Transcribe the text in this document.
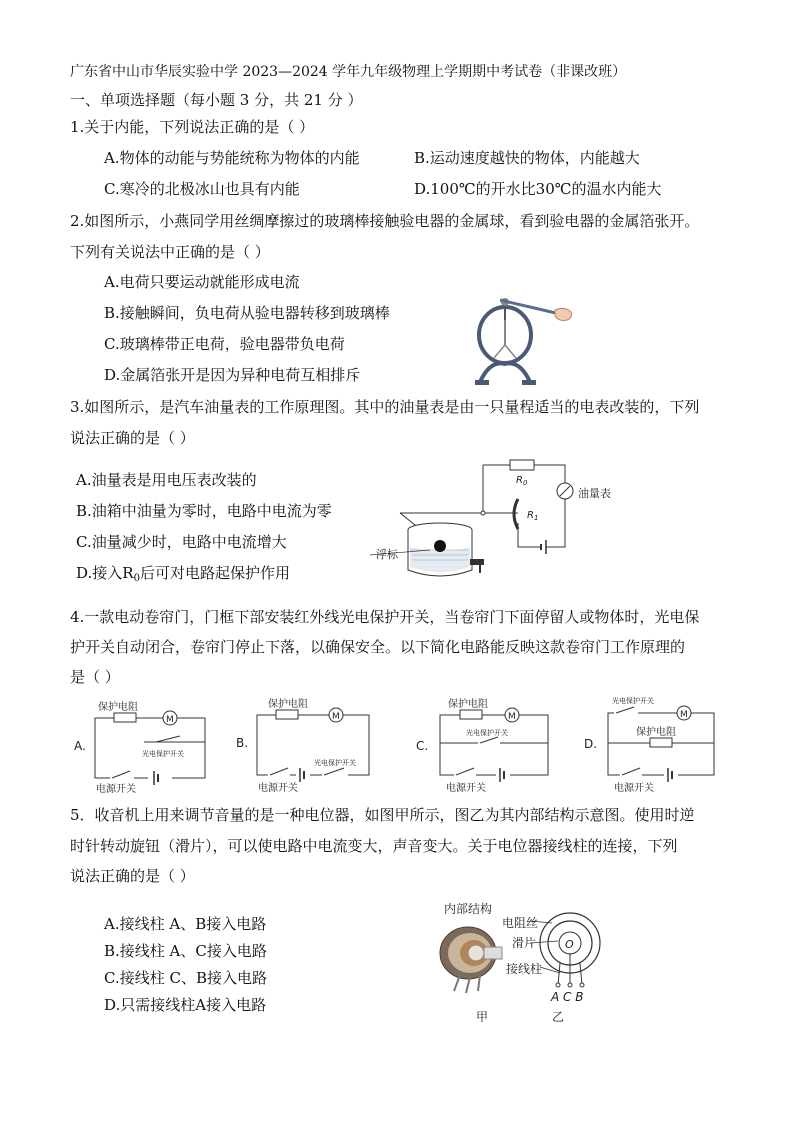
广东省中山市华辰实验中学 2023—2024 学年九年级物理上学期期中考试卷（非课改班）
一、单项选择题（每小题 3 分，共 21 分 ）
1.关于内能，下列说法正确的是（ ）
A.物体的动能与势能统称为物体的内能	B.运动速度越快的物体，内能越大
C.寒冷的北极冰山也具有内能	D.100℃的开水比30℃的温水内能大
2.如图所示，小燕同学用丝绸摩擦过的玻璃棒接触验电器的金属球，看到验电器的金属箔张开。
下列有关说法中正确的是（ ）
A.电荷只要运动就能形成电流
B.接触瞬间，负电荷从验电器转移到玻璃棒
C.玻璃棒带正电荷，验电器带负电荷
D.金属箔张开是因为异种电荷互相排斥
3.如图所示，是汽车油量表的工作原理图。其中的油量表是由一只量程适当的电表改装的，下列
说法正确的是（ ）
A.油量表是用电压表改装的
B.油箱中油量为零时，电路中电流为零
C.油量减少时，电路中电流增大
D.接入$R_0$后可对电路起保护作用
$R_0$
$R_1$
油量表
浮标
4.一款电动卷帘门，门框下部安装红外线光电保护开关，当卷帘门下面停留人或物体时，光电保
护开关自动闭合，卷帘门停止下落，以确保安全。以下简化电路能反映这款卷帘门工作原理的
是（ ）
A.
M
保护电阻
光电保护开关
电源开关
B.
M
保护电阻
光电保护开关
电源开关
C.
M
保护电阻
光电保护开关
电源开关
D.
光电保护开关
M
保护电阻
电源开关
5．收音机上用来调节音量的是一种电位器，如图甲所示，图乙为其内部结构示意图。使用时逆
时针转动旋钮（滑片），可以使电路中电流变大，声音变大。关于电位器接线柱的连接，下列
说法正确的是（ ）
A.接线柱 A、B接入电路
B.接线柱 A、C接入电路
C.接线柱 C、B接入电路
D.只需接线柱A接入电路
内部结构
O
电阻丝
滑片
接线柱
A C B
甲	乙
